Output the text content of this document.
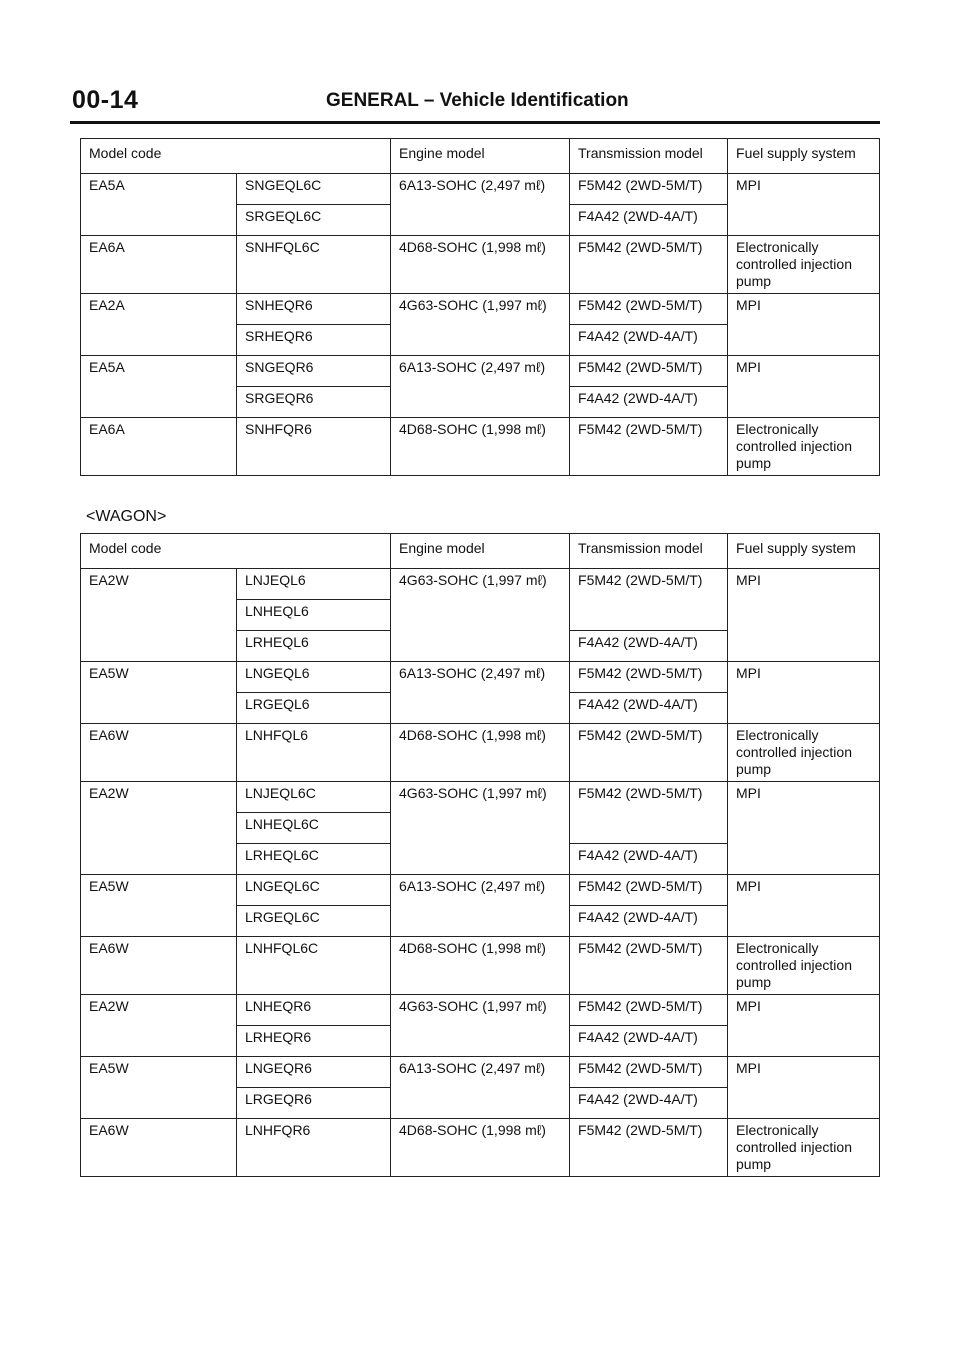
00-14	GENERAL – Vehicle Identification
Model code		Engine model	Transmission model	Fuel supply system
EA5A	SNGEQL6C	6A13-SOHC (2,497 mℓ)	F5M42 (2WD-5M/T)	MPI
	SRGEQL6C		F4A42 (2WD-4A/T)	
EA6A	SNHFQL6C	4D68-SOHC (1,998 mℓ)	F5M42 (2WD-5M/T)	Electronically controlled injection pump
EA2A	SNHEQR6	4G63-SOHC (1,997 mℓ)	F5M42 (2WD-5M/T)	MPI
	SRHEQR6		F4A42 (2WD-4A/T)	
EA5A	SNGEQR6	6A13-SOHC (2,497 mℓ)	F5M42 (2WD-5M/T)	MPI
	SRGEQR6		F4A42 (2WD-4A/T)	
EA6A	SNHFQR6	4D68-SOHC (1,998 mℓ)	F5M42 (2WD-5M/T)	Electronically controlled injection pump
<WAGON>
Model code		Engine model	Transmission model	Fuel supply system
EA2W	LNJEQL6	4G63-SOHC (1,997 mℓ)	F5M42 (2WD-5M/T)	MPI
	LNHEQL6			
	LRHEQL6		F4A42 (2WD-4A/T)	
EA5W	LNGEQL6	6A13-SOHC (2,497 mℓ)	F5M42 (2WD-5M/T)	MPI
	LRGEQL6		F4A42 (2WD-4A/T)	
EA6W	LNHFQL6	4D68-SOHC (1,998 mℓ)	F5M42 (2WD-5M/T)	Electronically controlled injection pump
EA2W	LNJEQL6C	4G63-SOHC (1,997 mℓ)	F5M42 (2WD-5M/T)	MPI
	LNHEQL6C			
	LRHEQL6C		F4A42 (2WD-4A/T)	
EA5W	LNGEQL6C	6A13-SOHC (2,497 mℓ)	F5M42 (2WD-5M/T)	MPI
	LRGEQL6C		F4A42 (2WD-4A/T)	
EA6W	LNHFQL6C	4D68-SOHC (1,998 mℓ)	F5M42 (2WD-5M/T)	Electronically controlled injection pump
EA2W	LNHEQR6	4G63-SOHC (1,997 mℓ)	F5M42 (2WD-5M/T)	MPI
	LRHEQR6		F4A42 (2WD-4A/T)	
EA5W	LNGEQR6	6A13-SOHC (2,497 mℓ)	F5M42 (2WD-5M/T)	MPI
	LRGEQR6		F4A42 (2WD-4A/T)	
EA6W	LNHFQR6	4D68-SOHC (1,998 mℓ)	F5M42 (2WD-5M/T)	Electronically controlled injection pump
